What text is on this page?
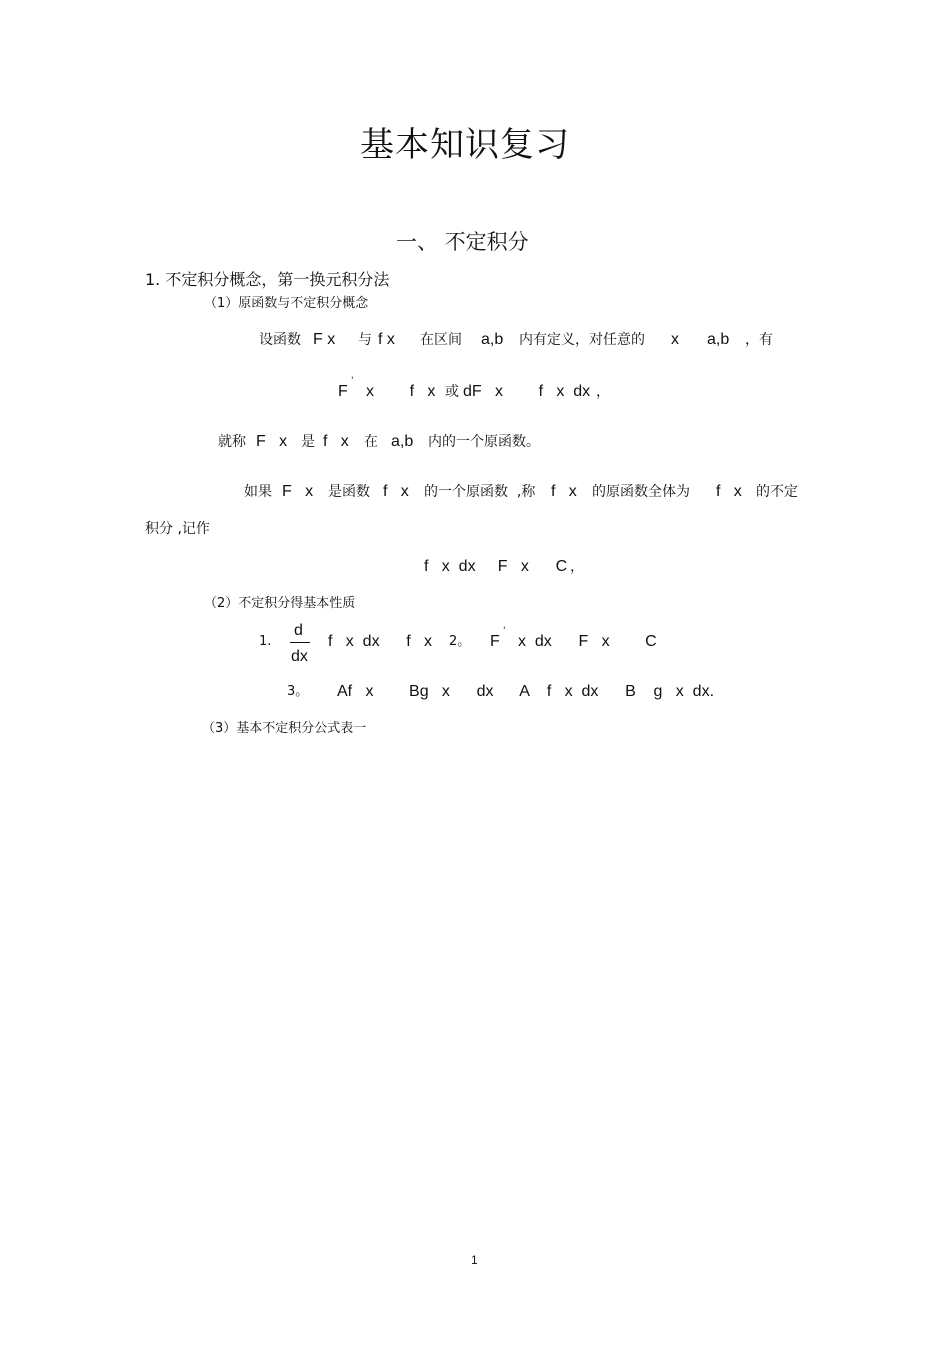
基本知识复习
一、 不定积分
1. 不定积分概念，第一换元积分法
（1）原函数与不定积分概念
设函数 F x 与 f x 在区间 a,b 内有定义，对任意的 x a,b ，有
F
'
x        f   x 或 dF   x        f   x  dx ，
就称 F   x 是 f   x 在 a,b 内的一个原函数。
如果 F   x 是函数 f   x 的一个原函数  ,称 f   x 的原函数全体为 f   x 的不定
积分 ,记作
f   x  dx     F   x      C ，
（2）不定积分得基本性质
1.
d
dx
f   x  dx      f   x 2。 F
'
x  dx      F   x        C
3。 Af   x        Bg   x      dx      A    f   x  dx      B    g   x  dx.
（3）基本不定积分公式表一
1
